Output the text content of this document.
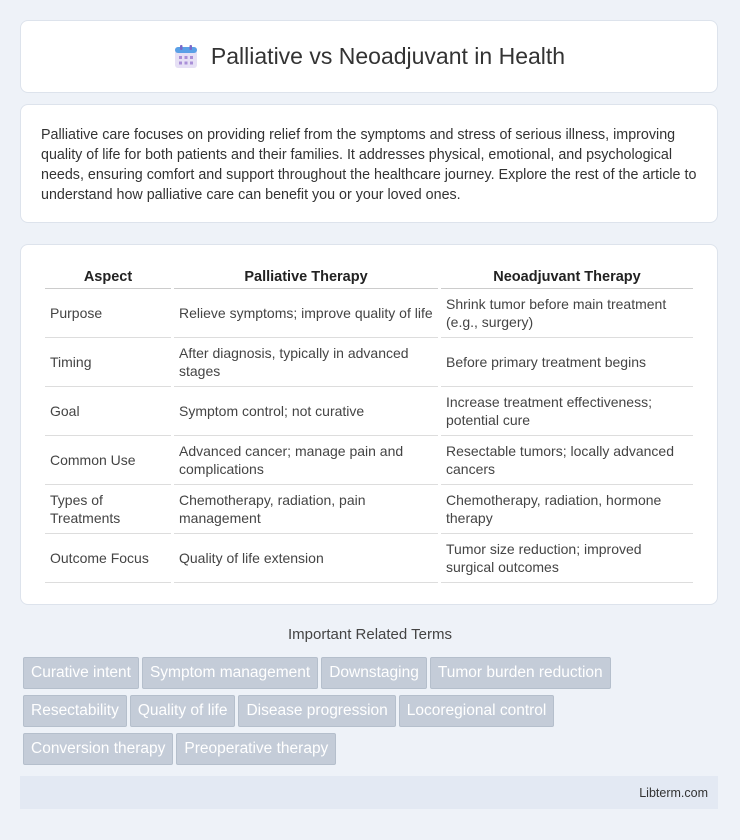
Palliative vs Neoadjuvant in Health

Palliative care focuses on providing relief from the symptoms and stress of serious illness, improving quality of life for both patients and their families. It addresses physical, emotional, and psychological needs, ensuring comfort and support throughout the healthcare journey. Explore the rest of the article to understand how palliative care can benefit you or your loved ones.

Aspect	Palliative Therapy	Neoadjuvant Therapy
Purpose	Relieve symptoms; improve quality of life	Shrink tumor before main treatment (e.g., surgery)
Timing	After diagnosis, typically in advanced stages	Before primary treatment begins
Goal	Symptom control; not curative	Increase treatment effectiveness; potential cure
Common Use	Advanced cancer; manage pain and complications	Resectable tumors; locally advanced cancers
Types of Treatments	Chemotherapy, radiation, pain management	Chemotherapy, radiation, hormone therapy
Outcome Focus	Quality of life extension	Tumor size reduction; improved surgical outcomes
Important Related Terms
Curative intent Symptom management Downstaging Tumor burden reduction
Resectability Quality of life Disease progression Locoregional control
Conversion therapy Preoperative therapy
Libterm.com
